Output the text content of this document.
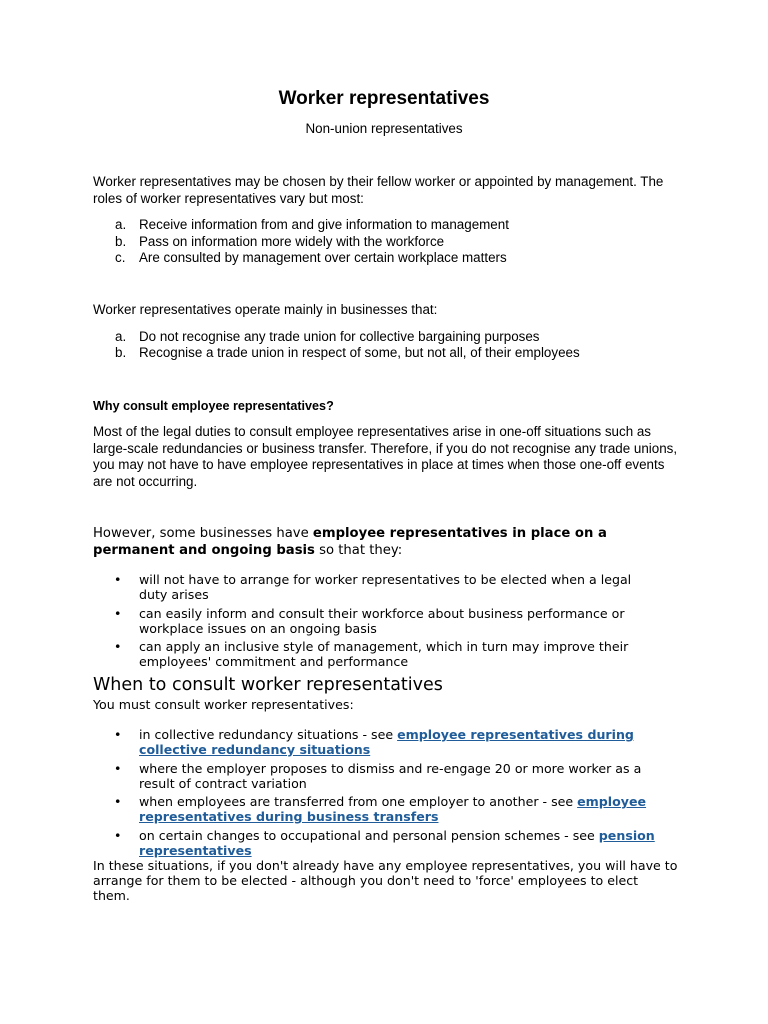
Worker representatives
Non-union representatives

Worker representatives may be chosen by their fellow worker or appointed by management. The roles of worker representatives vary but most:

a. Receive information from and give information to management
b. Pass on information more widely with the workforce
c. Are consulted by management over certain workplace matters

Worker representatives operate mainly in businesses that:

a. Do not recognise any trade union for collective bargaining purposes
b. Recognise a trade union in respect of some, but not all, of their employees

Why consult employee representatives?

Most of the legal duties to consult employee representatives arise in one-off situations such as large-scale redundancies or business transfer. Therefore, if you do not recognise any trade unions, you may not have to have employee representatives in place at times when those one-off events are not occurring.

However, some businesses have employee representatives in place on a permanent and ongoing basis so that they:

• will not have to arrange for worker representatives to be elected when a legal duty arises
• can easily inform and consult their workforce about business performance or workplace issues on an ongoing basis
• can apply an inclusive style of management, which in turn may improve their employees' commitment and performance

When to consult worker representatives

You must consult worker representatives:

• in collective redundancy situations - see employee representatives during collective redundancy situations
• where the employer proposes to dismiss and re-engage 20 or more worker as a result of contract variation
• when employees are transferred from one employer to another - see employee representatives during business transfers
• on certain changes to occupational and personal pension schemes - see pension representatives

In these situations, if you don't already have any employee representatives, you will have to arrange for them to be elected - although you don't need to 'force' employees to elect them.
